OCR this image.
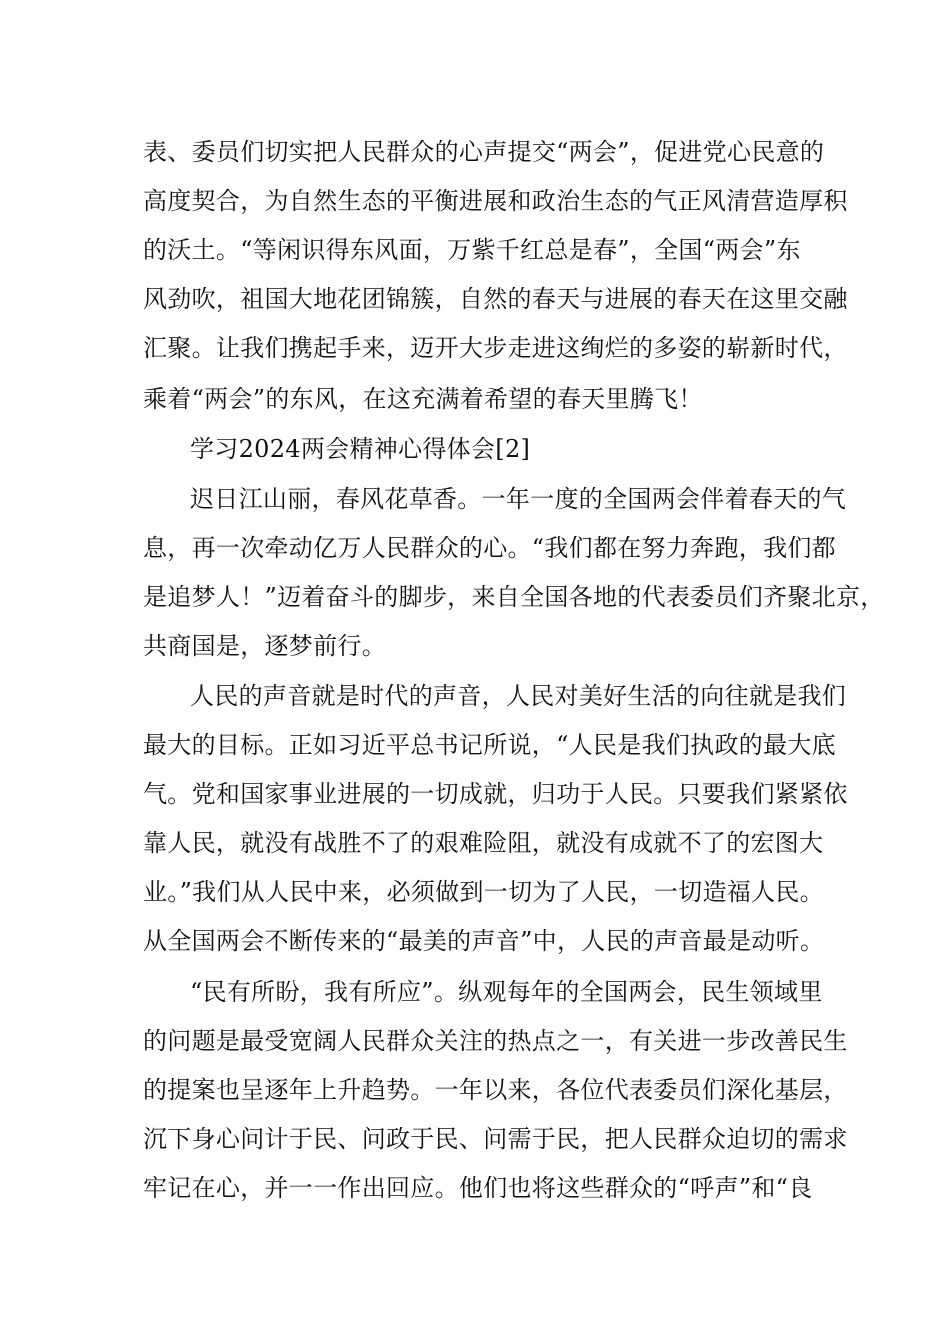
表、委员们切实把人民群众的心声提交“两会”，促进党心民意的
高度契合，为自然生态的平衡进展和政治生态的气正风清营造厚积
的沃土。“等闲识得东风面，万紫千红总是春”，全国“两会”东
风劲吹，祖国大地花团锦簇，自然的春天与进展的春天在这里交融
汇聚。让我们携起手来，迈开大步走进这绚烂的多姿的崭新时代，
乘着“两会”的东风，在这充满着希望的春天里腾飞！
学习2024两会精神心得体会[2]
迟日江山丽，春风花草香。一年一度的全国两会伴着春天的气
息，再一次牵动亿万人民群众的心。“我们都在努力奔跑，我们都
是追梦人！”迈着奋斗的脚步，来自全国各地的代表委员们齐聚北京，
共商国是，逐梦前行。
人民的声音就是时代的声音，人民对美好生活的向往就是我们
最大的目标。正如习近平总书记所说，“人民是我们执政的最大底
气。党和国家事业进展的一切成就，归功于人民。只要我们紧紧依
靠人民，就没有战胜不了的艰难险阻，就没有成就不了的宏图大
业。”我们从人民中来，必须做到一切为了人民，一切造福人民。
从全国两会不断传来的“最美的声音”中，人民的声音最是动听。
“民有所盼，我有所应”。纵观每年的全国两会，民生领域里
的问题是最受宽阔人民群众关注的热点之一，有关进一步改善民生
的提案也呈逐年上升趋势。一年以来，各位代表委员们深化基层，
沉下身心问计于民、问政于民、问需于民，把人民群众迫切的需求
牢记在心，并一一作出回应。他们也将这些群众的“呼声”和“良
